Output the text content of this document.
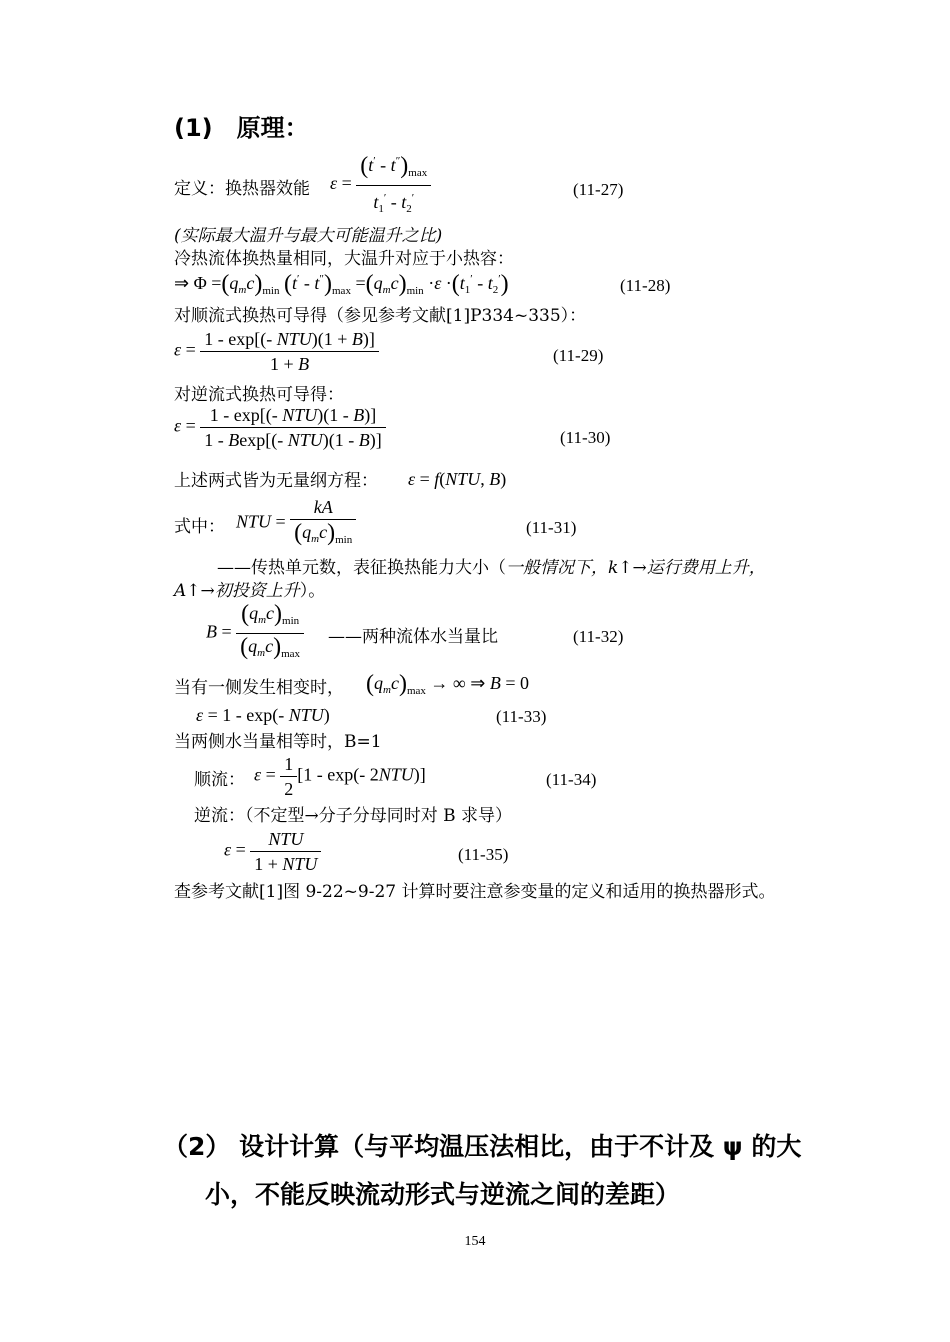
(1)　原理：
定义：换热器效能 $\varepsilon = \frac{(t' - t'')_{max}}{t_1' - t_2'}$	(11-27)
(实际最大温升与最大可能温升之比)
冷热流体换热量相同，大温升对应于小热容：
⇒ $\Phi =(q_mc)_{min}$ $(t' - t'')_{max} =(q_mc)_{min} \cdot\varepsilon \cdot(t_1' - t_2')$	(11-28)
对顺流式换热可导得（参见参考文献[1]P334~335）：
$\varepsilon = \frac{\text{1 - exp[(- NTU)(1 + B)]}}{1 + B}$	(11-29)
对逆流式换热可导得：
$\varepsilon = \frac{\text{1 - exp[(- NTU)(1 - B)]}}{\text{1 - Bexp[(- NTU)(1 - B)]}}$	(11-30)
上述两式皆为无量纲方程： ε = f(NTU, B)
式中： NTU = $\frac{kA}{(q_mc)_{min}}$	(11-31)
——传热单元数，表征换热能力大小（一般情况下，k↑→运行费用上升，
A↑→初投资上升）。
$B = \frac{(q_mc)_{min}}{(q_mc)_{max}}$ ——两种流体水当量比	(11-32)
当有一侧发生相变时， $(q_mc)_{max}$ → ∞ ⇒ B = 0
ε = 1 - exp(- NTU)	(11-33)
当两侧水当量相等时，B=1
顺流： $\varepsilon = \frac{1}{2} [1 - \exp(-$ 2NTU)]	(11-34)
逆流：（不定型→分子分母同时对 B 求导）
$\varepsilon = \frac{\text{NTU}}{\text{1 + NTU}}$	(11-35)
查参考文献[1]图 9-22~9-27 计算时要注意参变量的定义和适用的换热器形式。
（2） 设计计算（与平均温压法相比，由于不计及 ψ 的大
小，不能反映流动形式与逆流之间的差距）
154
